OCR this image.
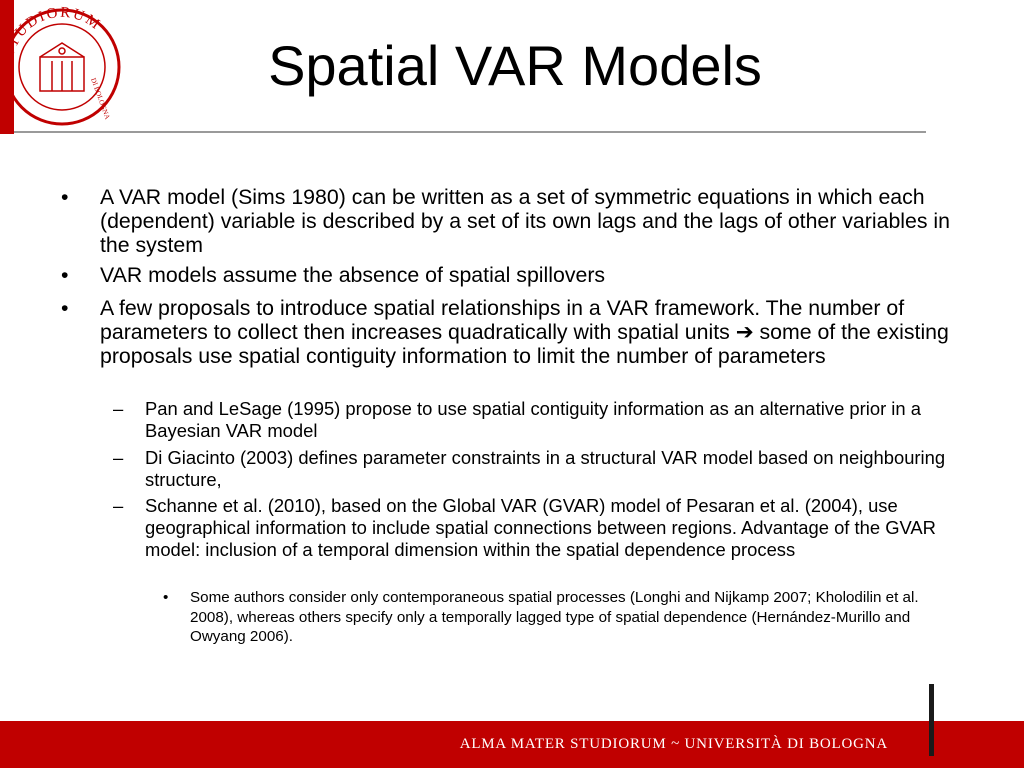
STUDIORUM
DI BOLOGNA
Spatial VAR Models
• A VAR model (Sims 1980) can be written as a set of symmetric equations in which each (dependent) variable is described by a set of its own lags and the lags of other variables in the system
• VAR models assume the absence of spatial spillovers
• A few proposals to introduce spatial relationships in a VAR framework. The number of parameters to collect then increases quadratically with spatial units ➔ some of the existing proposals use spatial contiguity information to limit the number of parameters
– Pan and LeSage (1995) propose to use spatial contiguity information as an alternative prior in a Bayesian VAR model
– Di Giacinto (2003) defines parameter constraints in a structural VAR model based on neighbouring structure,
– Schanne et al. (2010), based on the Global VAR (GVAR) model of Pesaran et al. (2004), use geographical information to include spatial connections between regions. Advantage of the GVAR model: inclusion of a temporal dimension within the spatial dependence process
• Some authors consider only contemporaneous spatial processes (Longhi and Nijkamp 2007; Kholodilin et al. 2008), whereas others specify only a temporally lagged type of spatial dependence (Hernández-Murillo and Owyang 2006).
ALMA MATER STUDIORUM ~ UNIVERSITÀ DI BOLOGNA
